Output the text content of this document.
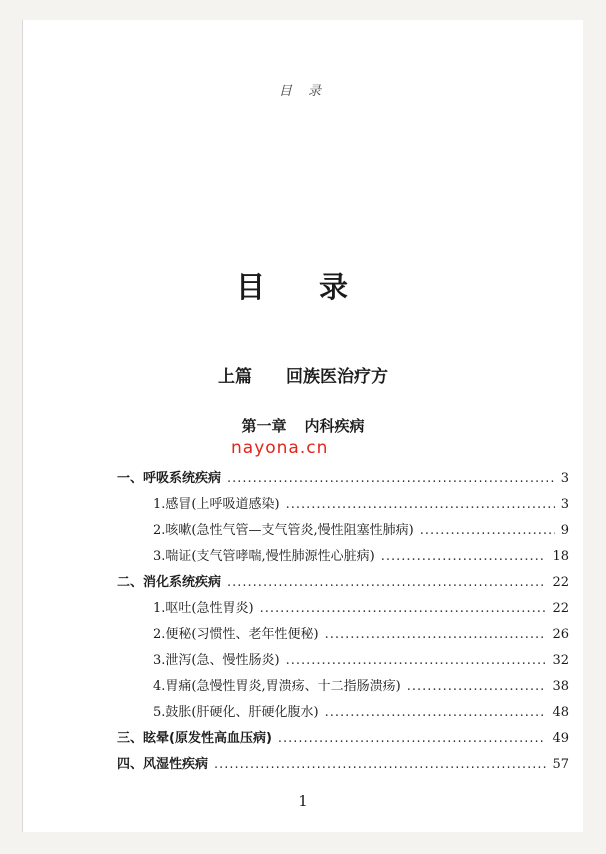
目 录
目 录
上篇 回族医治疗方
第一章 内科疾病
nayona.cn
一、呼吸系统疾病 .....	3
1.感冒(上呼吸道感染) .....	3
2.咳嗽(急性气管—支气管炎,慢性阻塞性肺病) .....	9
3.喘证(支气管哮喘,慢性肺源性心脏病) .....	18
二、消化系统疾病 .....	22
1.呕吐(急性胃炎) .....	22
2.便秘(习惯性、老年性便秘) .....	26
3.泄泻(急、慢性肠炎) .....	32
4.胃痛(急慢性胃炎,胃溃疡、十二指肠溃疡) .....	38
5.鼓胀(肝硬化、肝硬化腹水) .....	48
三、眩晕(原发性高血压病) .....	49
四、风湿性疾病 .....	57
1
